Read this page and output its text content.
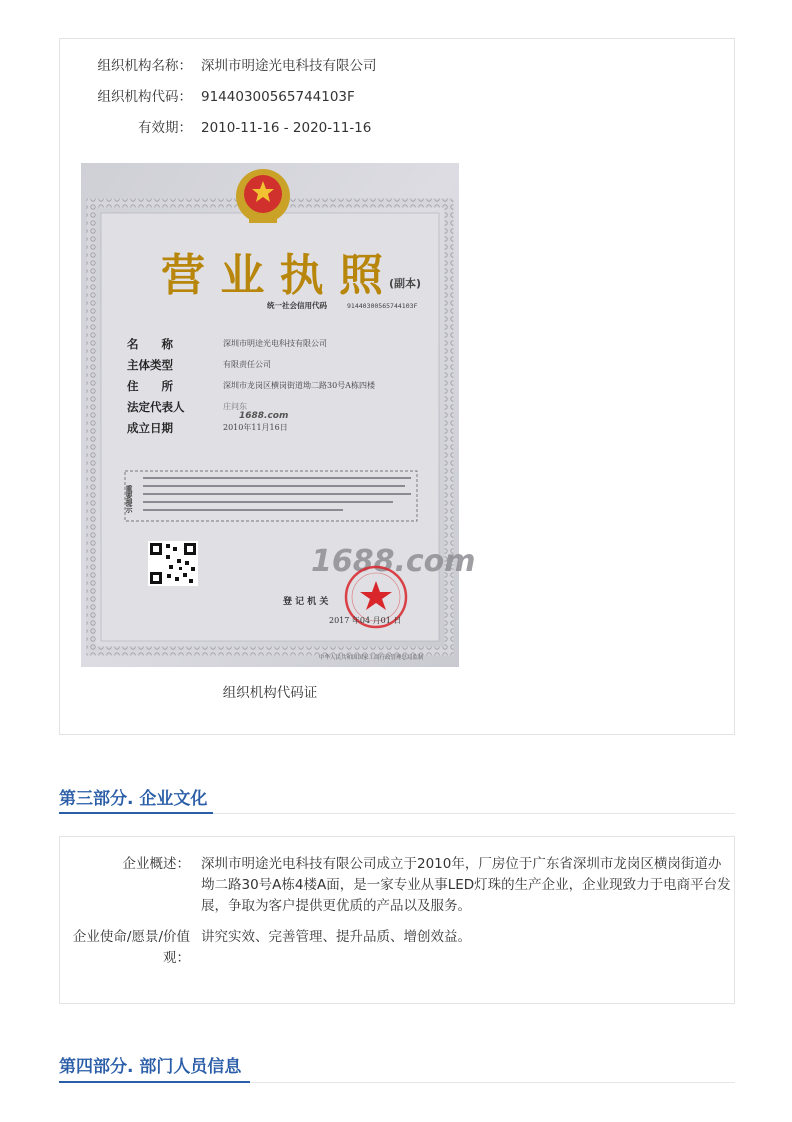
组织机构名称： 深圳市明途光电科技有限公司
组织机构代码： 91440300565744103F
有效期： 2010-11-16 - 2020-11-16
营 业 执 照 (副本)
统一社会信用代码	91440300565744103F
名　　称	深圳市明途光电科技有限公司
主体类型	有限责任公司
住　　所	深圳市龙岗区横岗街道坳二路30号A栋四楼
法定代表人	庄问东
成立日期	2010年11月16日
1688.com
重要提示
1688.com
登 记 机 关
2017 年04 月01 日
中华人民共和国国家工商行政管理总局监制
组织机构代码证
第三部分. 企业文化
企业概述： 深圳市明途光电科技有限公司成立于2010年，厂房位于广东省深圳市龙岗区横岗街道办坳二路30号A栋4楼A面，是一家专业从事LED灯珠的生产企业，企业现致力于电商平台发展，争取为客户提供更优质的产品以及服务。
企业使命/愿景/价值
观：
讲究实效、完善管理、提升品质、增创效益。
第四部分. 部门人员信息
